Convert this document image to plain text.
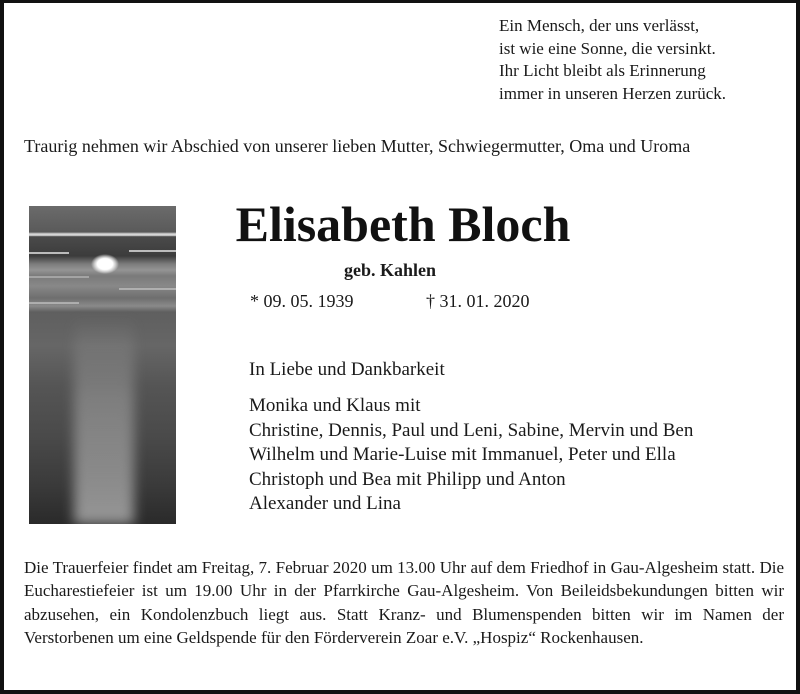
Ein Mensch, der uns verlässt,
ist wie eine Sonne, die versinkt.
Ihr Licht bleibt als Erinnerung
immer in unseren Herzen zurück.
Traurig nehmen wir Abschied von unserer lieben Mutter, Schwiegermutter, Oma und Uroma
Elisabeth Bloch
geb. Kahlen
* 09. 05. 1939	† 31. 01. 2020
In Liebe und Dankbarkeit
Monika und Klaus mit
Christine, Dennis, Paul und Leni, Sabine, Mervin und Ben
Wilhelm und Marie-Luise mit Immanuel, Peter und Ella
Christoph und Bea mit Philipp und Anton
Alexander und Lina
Die Trauerfeier findet am Freitag, 7. Februar 2020 um 13.00 Uhr auf dem Friedhof in Gau-Algesheim statt. Die Eucharestiefeier ist um 19.00 Uhr in der Pfarrkirche Gau-Algesheim. Von Beileidsbekundungen bitten wir abzusehen, ein Kondolenzbuch liegt aus. Statt Kranz- und Blumenspenden bitten wir im Namen der Verstorbenen um eine Geldspende für den Förderverein Zoar e.V. „Hospiz“ Rockenhausen.
